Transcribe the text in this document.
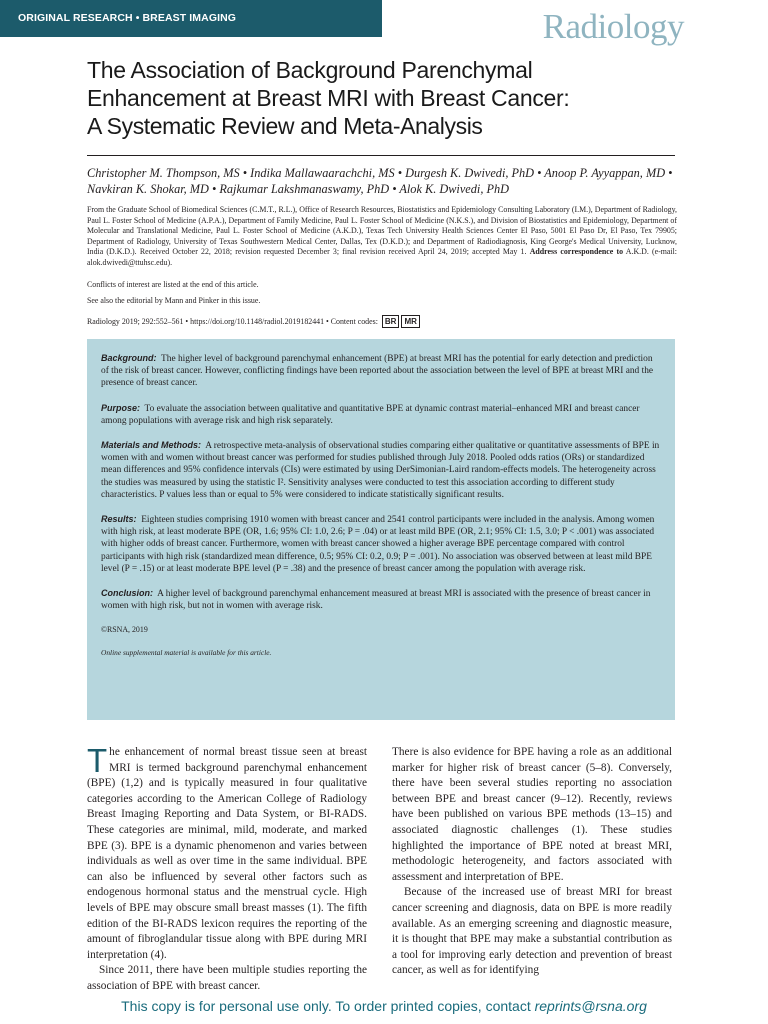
ORIGINAL RESEARCH • BREAST IMAGING	Radiology
The Association of Background Parenchymal
Enhancement at Breast MRI with Breast Cancer:
A Systematic Review and Meta-Analysis
Christopher M. Thompson, MS • Indika Mallawaarachchi, MS • Durgesh K. Dwivedi, PhD • Anoop P. Ayyappan, MD •
Navkiran K. Shokar, MD • Rajkumar Lakshmanaswamy, PhD • Alok K. Dwivedi, PhD
From the Graduate School of Biomedical Sciences (C.M.T., R.L.), Office of Research Resources, Biostatistics and Epidemiology Consulting Laboratory (I.M.), Department of Radiology, Paul L. Foster School of Medicine (A.P.A.), Department of Family Medicine, Paul L. Foster School of Medicine (N.K.S.), and Division of Biostatistics and Epidemiology, Department of Molecular and Translational Medicine, Paul L. Foster School of Medicine (A.K.D.), Texas Tech University Health Sciences Center El Paso, 5001 El Paso Dr, El Paso, Tex 79905; Department of Radiology, University of Texas Southwestern Medical Center, Dallas, Tex (D.K.D.); and Department of Radiodiagnosis, King George's Medical University, Lucknow, India (D.K.D.). Received October 22, 2018; revision requested December 3; final revision received April 24, 2019; accepted May 1. Address correspondence to A.K.D. (e-mail: alok.dwivedi@ttuhsc.edu).
Conflicts of interest are listed at the end of this article.
See also the editorial by Mann and Pinker in this issue.
Radiology 2019; 292:552–561 • https://doi.org/10.1148/radiol.2019182441 • Content codes: BR MR

Background: The higher level of background parenchymal enhancement (BPE) at breast MRI has the potential for early detection and prediction of the risk of breast cancer. However, conflicting findings have been reported about the association between the level of BPE at breast MRI and the presence of breast cancer.

Purpose: To evaluate the association between qualitative and quantitative BPE at dynamic contrast material–enhanced MRI and breast cancer among populations with average risk and high risk separately.

Materials and Methods: A retrospective meta-analysis of observational studies comparing either qualitative or quantitative assessments of BPE in women with and women without breast cancer was performed for studies published through July 2018. Pooled odds ratios (ORs) or standardized mean differences and 95% confidence intervals (CIs) were estimated by using DerSimonian-Laird random-effects models. The heterogeneity across the studies was measured by using the statistic I². Sensitivity analyses were conducted to test this association according to different study characteristics. P values less than or equal to 5% were considered to indicate statistically significant results.

Results: Eighteen studies comprising 1910 women with breast cancer and 2541 control participants were included in the analysis. Among women with high risk, at least moderate BPE (OR, 1.6; 95% CI: 1.0, 2.6; P = .04) or at least mild BPE (OR, 2.1; 95% CI: 1.5, 3.0; P < .001) was associated with higher odds of breast cancer. Furthermore, women with breast cancer showed a higher average BPE percentage compared with control participants with high risk (standardized mean difference, 0.5; 95% CI: 0.2, 0.9; P = .001). No association was observed between at least mild BPE level (P = .15) or at least moderate BPE level (P = .38) and the presence of breast cancer among the population with average risk.

Conclusion: A higher level of background parenchymal enhancement measured at breast MRI is associated with the presence of breast cancer in women with high risk, but not in women with average risk.

©RSNA, 2019
Online supplemental material is available for this article.

The enhancement of normal breast tissue seen at breast MRI is termed background parenchymal enhancement (BPE) (1,2) and is typically measured in four qualitative categories according to the American College of Radiology Breast Imaging Reporting and Data System, or BI-RADS. These categories are minimal, mild, moderate, and marked BPE (3). BPE is a dynamic phenomenon and varies between individuals as well as over time in the same individual. BPE can also be influenced by several other factors such as endogenous hormonal status and the menstrual cycle. High levels of BPE may obscure small breast masses (1). The fifth edition of the BI-RADS lexicon requires the reporting of the amount of fibroglandular tissue along with BPE during MRI interpretation (4).

Since 2011, there have been multiple studies reporting the association of BPE with breast cancer.

There is also evidence for BPE having a role as an additional marker for higher risk of breast cancer (5–8). Conversely, there have been several studies reporting no association between BPE and breast cancer (9–12). Recently, reviews have been published on various BPE methods (13–15) and associated diagnostic challenges (1). These studies highlighted the importance of BPE noted at breast MRI, methodologic heterogeneity, and factors associated with assessment and interpretation of BPE.

Because of the increased use of breast MRI for breast cancer screening and diagnosis, data on BPE is more readily available. As an emerging screening and diagnostic measure, it is thought that BPE may make a substantial contribution as a tool for improving early detection and prevention of breast cancer, as well as for identifying

This copy is for personal use only. To order printed copies, contact reprints@rsna.org
